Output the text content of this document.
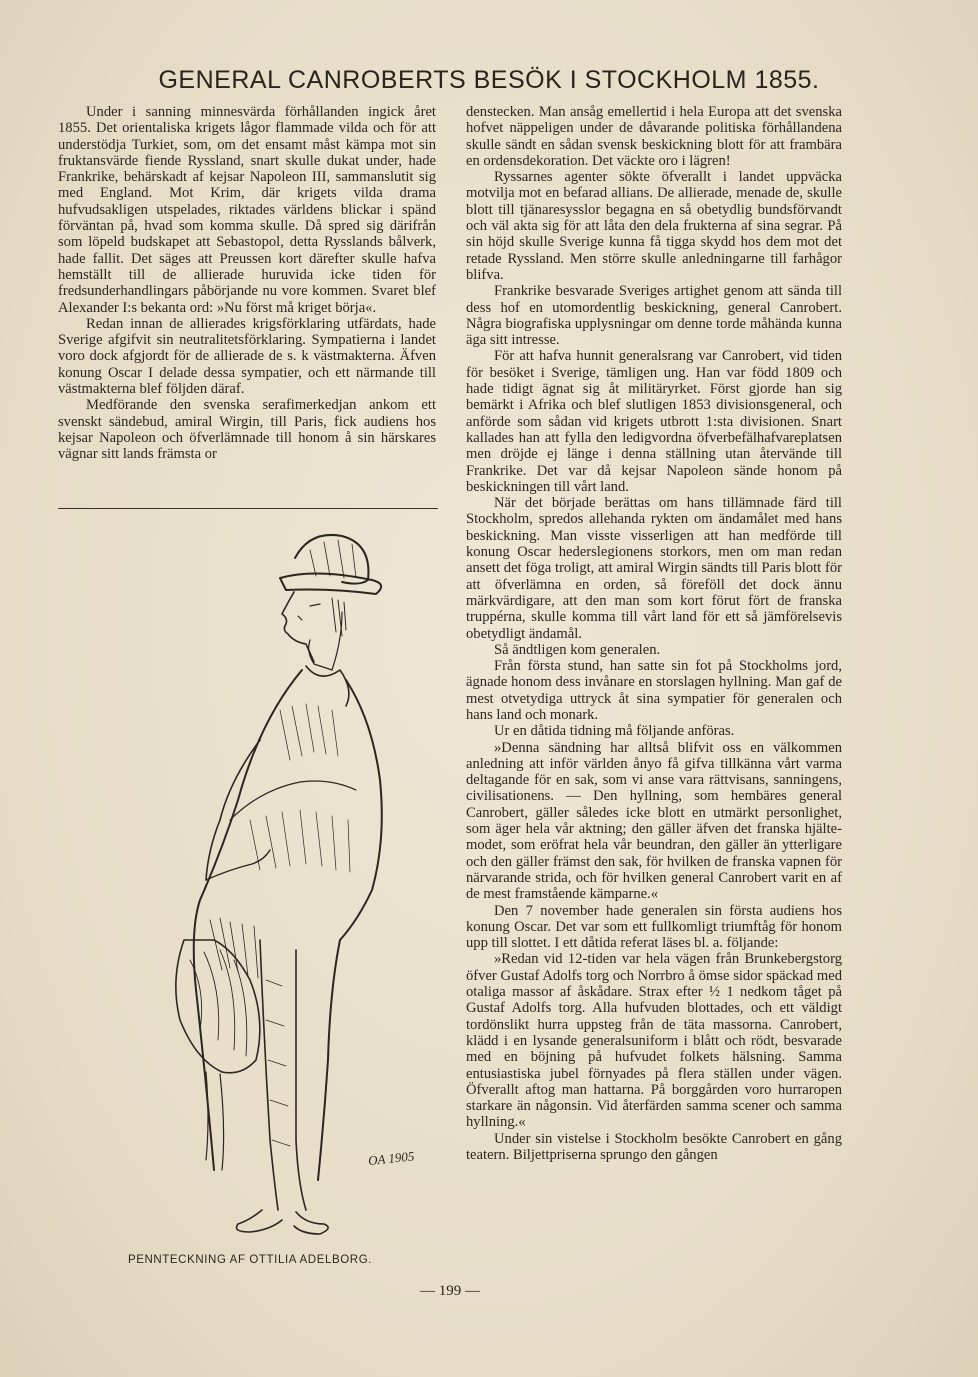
GENERAL CANROBERTS BESÖK I STOCKHOLM 1855.

Under i sanning minnesvärda förhållanden ingick året 1855. Det orientaliska krigets lågor flammade vilda och för att understödja Turkiet, som, om det ensamt måst kämpa mot sin fruktansvärde fiende Ryssland, snart skulle dukat under, hade Frankrike, behärskadt af kejsar Napoleon III, sammanslutit sig med England. Mot Krim, där krigets vilda drama hufvudsakligen utspelades, riktades världens blickar i spänd förväntan på, hvad som komma skulle. Då spred sig därifrån som löpeld budskapet att Sebastopol, detta Rysslands bålverk, hade fallit. Det säges att Preussen kort därefter skulle hafva hemställt till de allierade huruvida icke tiden för fredsunderhandlingars påbörjande nu vore kommen. Svaret blef Alexander I:s bekanta ord: »Nu först må kriget börja«.

Redan innan de allierades krigsförklaring utfärdats, hade Sverige afgifvit sin neutralitetsförklaring. Sympatierna i landet voro dock afgjordt för de allierade de s. k västmakterna. Äfven konung Oscar I delade dessa sympatier, och ett närmande till västmakterna blef följden däraf.

Medförande den svenska serafimerkedjan ankom ett svenskt sändebud, amiral Wirgin, till Paris, fick audiens hos kejsar Napoleon och öfverlämnade till honom å sin härskares vägnar sitt lands främsta or

OA 1905
PENNTECKNING AF OTTILIA ADELBORG.

denstecken. Man ansåg emellertid i hela Europa att det svenska hofvet näppeligen under de dåvarande politiska förhållandena skulle sändt en sådan svensk beskickning blott för att frambära en ordensdekoration. Det väckte oro i lägren!

Ryssarnes agenter sökte öfverallt i landet uppväcka motvilja mot en befarad allians. De allierade, menade de, skulle blott till tjänaresysslor begagna en så obetydlig bundsförvandt och väl akta sig för att låta den dela frukterna af sina segrar. På sin höjd skulle Sverige kunna få tigga skydd hos dem mot det retade Ryssland. Men större skulle anledningarne till farhågor blifva.

Frankrike besvarade Sveriges artighet genom att sända till dess hof en utomordentlig beskickning, general Canrobert. Några biografiska upplysningar om denne torde måhända kunna äga sitt intresse.

För att hafva hunnit generalsrang var Canrobert, vid tiden för besöket i Sverige, tämligen ung. Han var född 1809 och hade tidigt ägnat sig åt militäryrket. Först gjorde han sig bemärkt i Afrika och blef slutligen 1853 divisionsgeneral, och anförde som sådan vid krigets utbrott 1:sta divisionen. Snart kallades han att fylla den ledigvordna öfverbefälhafvareplatsen men dröjde ej länge i denna ställning utan återvände till Frankrike. Det var då kejsar Napoleon sände honom på beskickningen till vårt land.

När det började berättas om hans tillämnade färd till Stockholm, spredos allehanda rykten om ändamålet med hans beskickning. Man visste visserligen att han medförde till konung Oscar hederslegionens storkors, men om man redan ansett det föga troligt, att amiral Wirgin sändts till Paris blott för att öfverlämna en orden, så föreföll det dock ännu märkvärdigare, att den man som kort förut fört de franska truppérna, skulle komma till vårt land för ett så jämförelsevis obetydligt ändamål.

Så ändtligen kom generalen.

Från första stund, han satte sin fot på Stockholms jord, ägnade honom dess invånare en storslagen hyllning. Man gaf de mest otvetydiga uttryck åt sina sympatier för generalen och hans land och monark.

Ur en dåtida tidning må följande anföras.

»Denna sändning har alltså blifvit oss en välkommen anledning att inför världen ånyo få gifva tillkänna vårt varma deltagande för en sak, som vi anse vara rättvisans, sanningens, civilisationens. — Den hyllning, som hembäres general Canrobert, gäller således icke blott en utmärkt personlighet, som äger hela vår aktning; den gäller äfven det franska hjältemodet, som eröfrat hela vår beundran, den gäller än ytterligare och den gäller främst den sak, för hvilken de franska vapnen för närvarande strida, och för hvilken general Canrobert varit en af de mest framstående kämparne.«

Den 7 november hade generalen sin första audiens hos konung Oscar. Det var som ett fullkomligt triumftåg för honom upp till slottet. I ett dåtida referat läses bl. a. följande:

»Redan vid 12-tiden var hela vägen från Brunkebergstorg öfver Gustaf Adolfs torg och Norrbro å ömse sidor späckad med otaliga massor af åskådare. Strax efter ½ 1 nedkom tåget på Gustaf Adolfs torg. Alla hufvuden blottades, och ett väldigt tordönslikt hurra uppsteg från de täta massorna. Canrobert, klädd i en lysande generalsuniform i blått och rödt, besvarade med en böjning på hufvudet folkets hälsning. Samma entusiastiska jubel förnyades på flera ställen under vägen. Öfverallt aftog man hattarna. På borggården voro hurraropen starkare än någonsin. Vid återfärden samma scener och samma hyllning.«

Under sin vistelse i Stockholm besökte Canrobert en gång teatern. Biljettpriserna sprungo den gången

— 199 —
